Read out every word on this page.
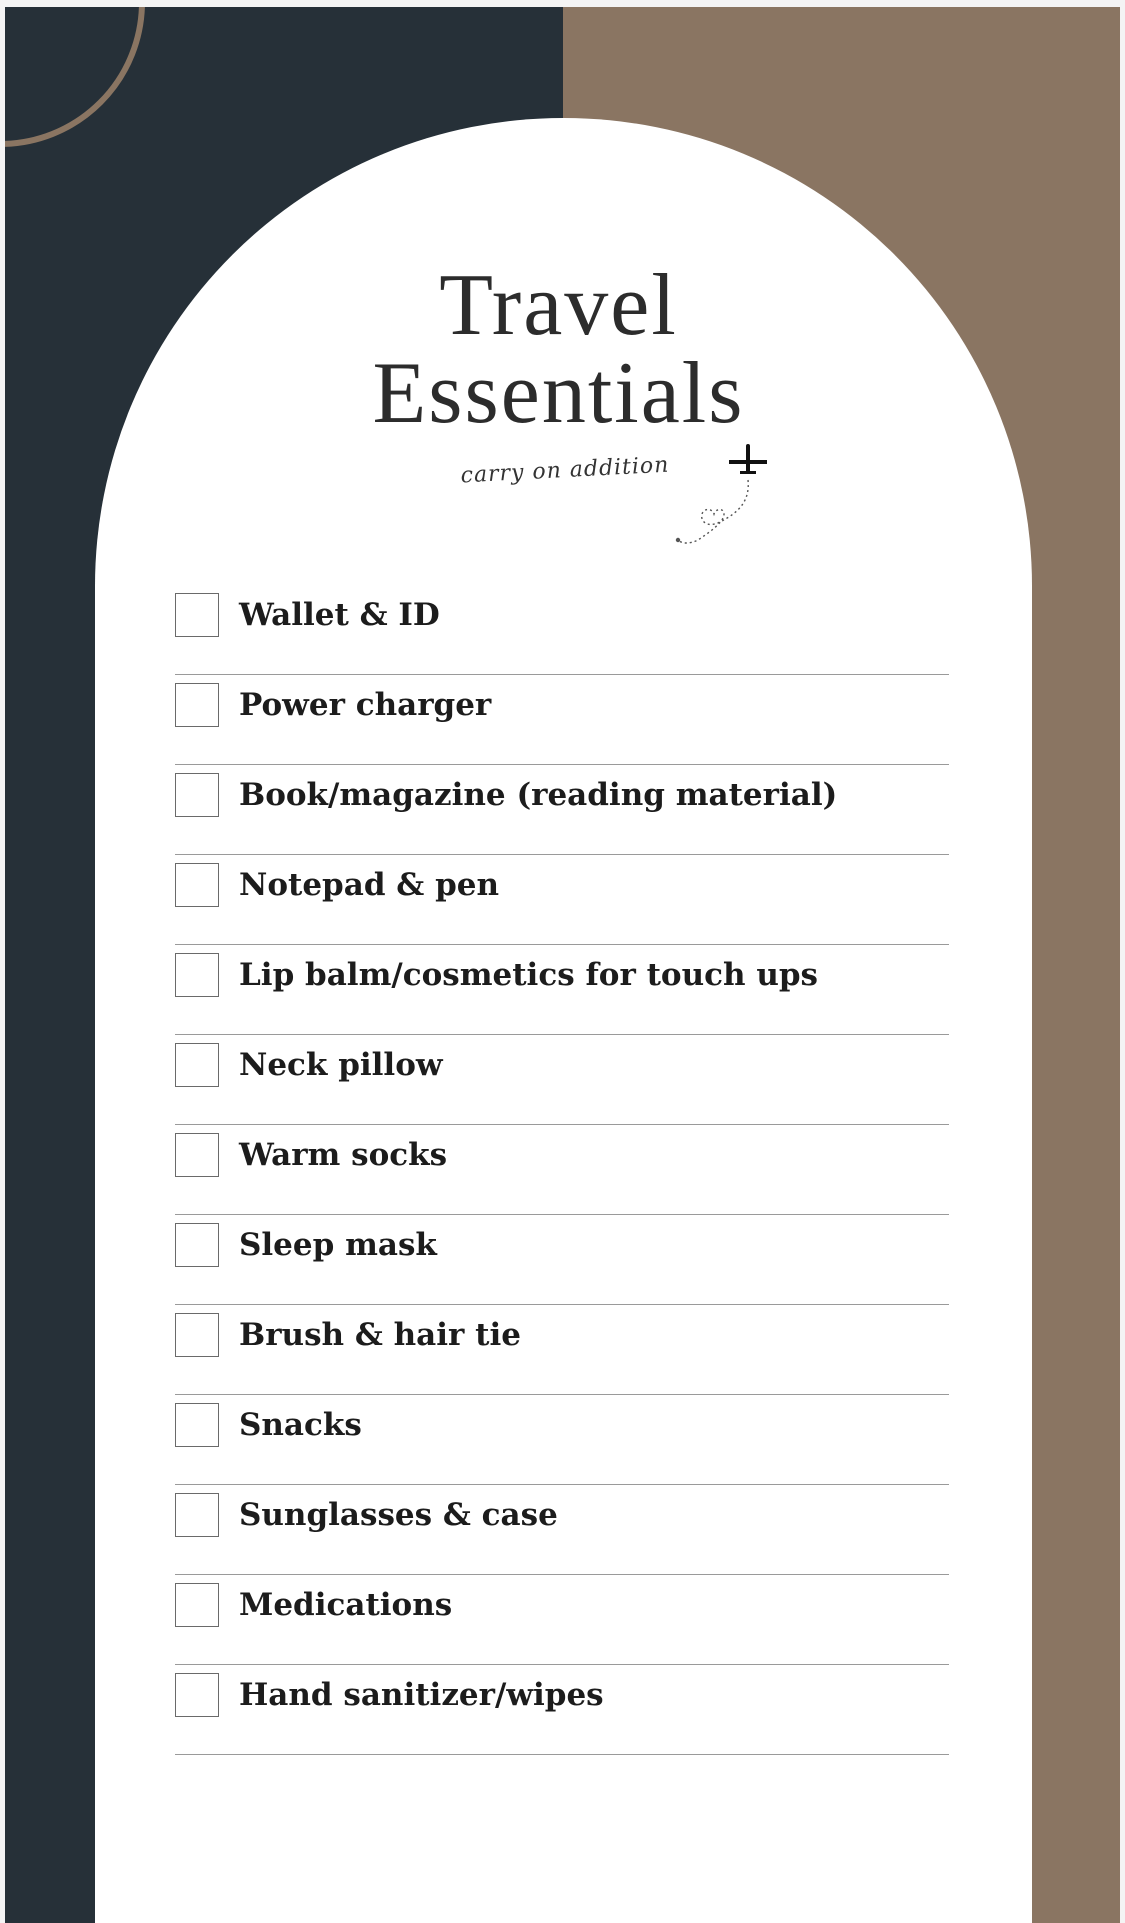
Travel
Essentials
carry on addition
Wallet & ID
Power charger
Book/magazine (reading material)
Notepad & pen
Lip balm/cosmetics for touch ups
Neck pillow
Warm socks
Sleep mask
Brush & hair tie
Snacks
Sunglasses & case
Medications
Hand sanitizer/wipes
